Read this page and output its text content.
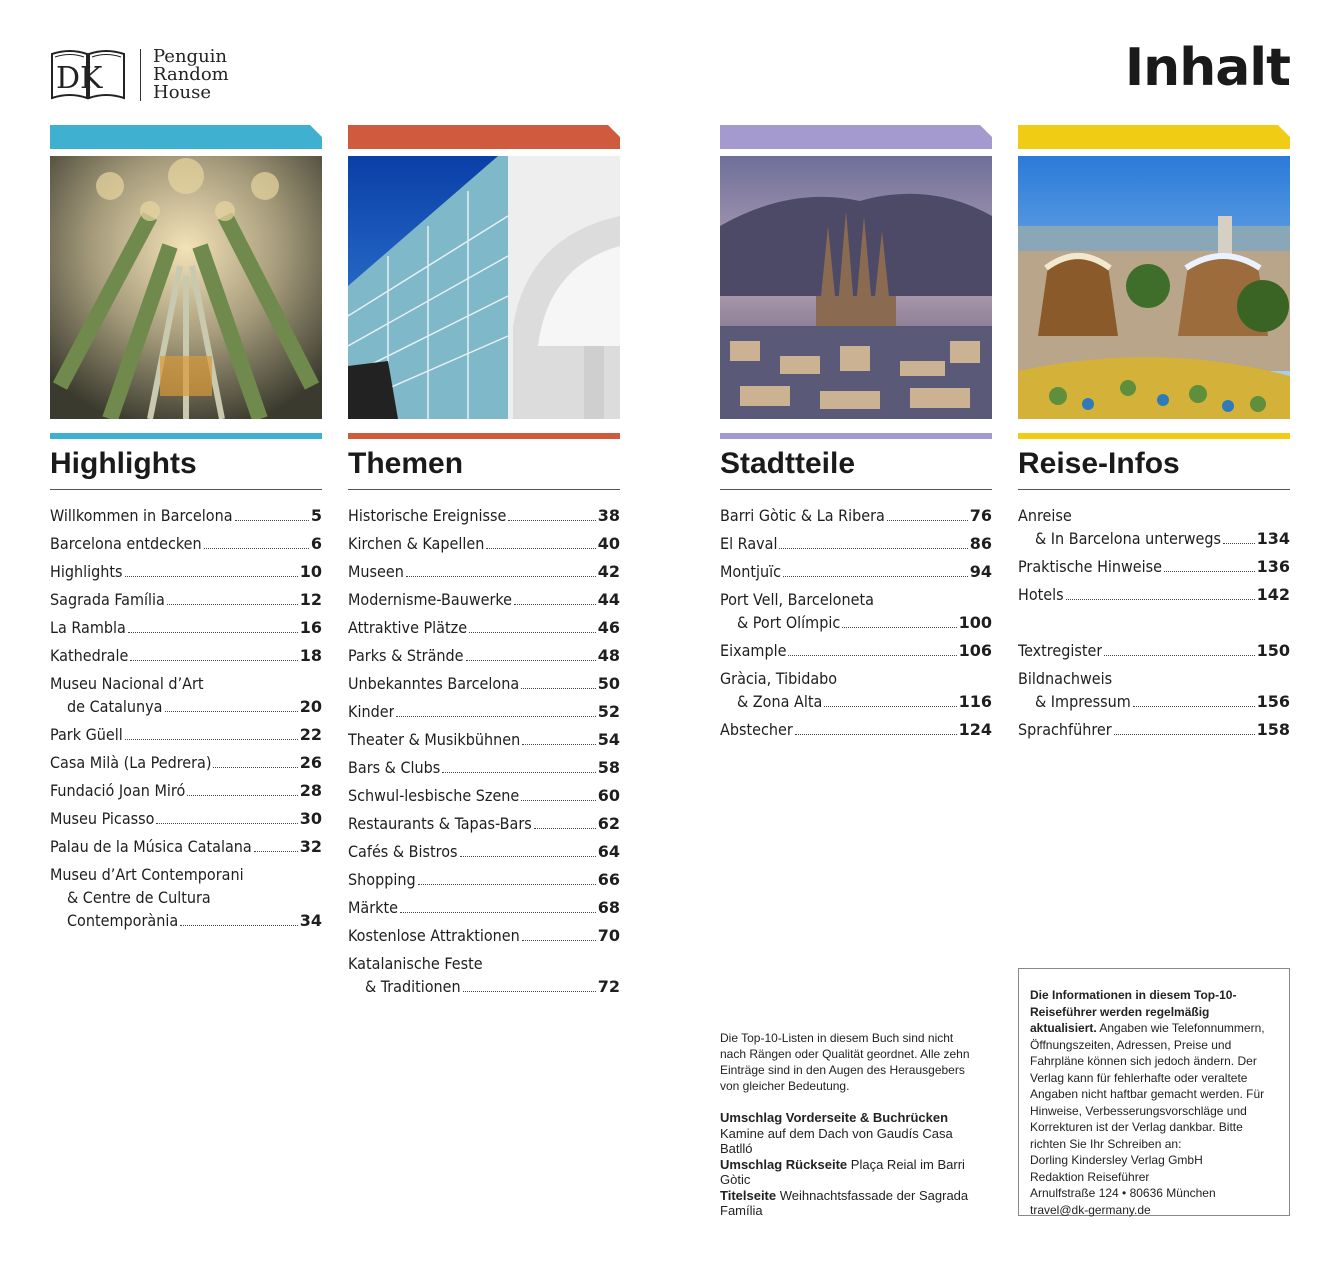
DK
Penguin
Random
House	Inhalt
Highlights
Willkommen in Barcelona	5
Barcelona entdecken	6
Highlights	10
Sagrada Família	12
La Rambla	16
Kathedrale	18
Museu Nacional d’Art
de Catalunya	20
Park Güell	22
Casa Milà (La Pedrera)	26
Fundació Joan Miró	28
Museu Picasso	30
Palau de la Música Catalana	32
Museu d’Art Contemporani
& Centre de Cultura
Contemporània	34
Themen
Historische Ereignisse	38
Kirchen & Kapellen	40
Museen	42
Modernisme-Bauwerke	44
Attraktive Plätze	46
Parks & Strände	48
Unbekanntes Barcelona	50
Kinder	52
Theater & Musikbühnen	54
Bars & Clubs	58
Schwul-lesbische Szene	60
Restaurants & Tapas-Bars	62
Cafés & Bistros	64
Shopping	66
Märkte	68
Kostenlose Attraktionen	70
Katalanische Feste
& Traditionen	72
Stadtteile
Barri Gòtic & La Ribera	76
El Raval	86
Montjuïc	94
Port Vell, Barceloneta
& Port Olímpic	100
Eixample	106
Gràcia, Tibidabo
& Zona Alta	116
Abstecher	124
Reise-Infos
Anreise
& In Barcelona unterwegs 134
Praktische Hinweise	136
Hotels	142
Textregister	150
Bildnachweis
& Impressum	156
Sprachführer	158

Die Top-10-Listen in diesem Buch sind nicht nach Rängen oder Qualität geordnet. Alle zehn Einträge sind in den Augen des Herausgebers von gleicher Bedeutung.

Umschlag Vorderseite & Buchrücken
Kamine auf dem Dach von Gaudís Casa Batlló
Umschlag Rückseite Plaça Reial im Barri Gòtic
Titelseite Weihnachtsfassade der Sagrada Família
Die Informationen in diesem Top-10-Reiseführer werden regelmäßig aktualisiert. Angaben wie Telefonnummern, Öffnungszeiten, Adressen, Preise und Fahrpläne können sich jedoch ändern. Der Verlag kann für fehlerhafte oder veraltete Angaben nicht haftbar gemacht werden. Für Hinweise, Verbesserungsvorschläge und Korrekturen ist der Verlag dankbar. Bitte richten Sie Ihr Schreiben an:
Dorling Kindersley Verlag GmbH
Redaktion Reiseführer
Arnulfstraße 124 • 80636 München
travel@dk-germany.de
